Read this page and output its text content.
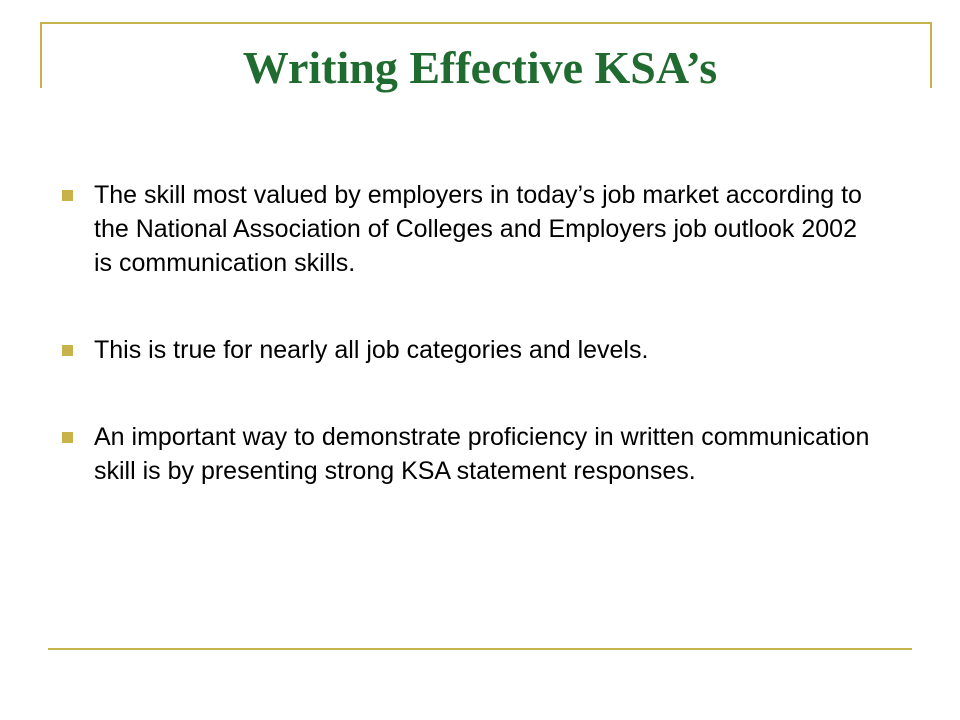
Writing Effective KSA’s
The skill most valued by employers in today’s job market according to the National Association of Colleges and Employers job outlook 2002 is communication skills.
This is true for nearly all job categories and levels.
An important way to demonstrate proficiency in written communication skill is by presenting strong KSA statement responses.
